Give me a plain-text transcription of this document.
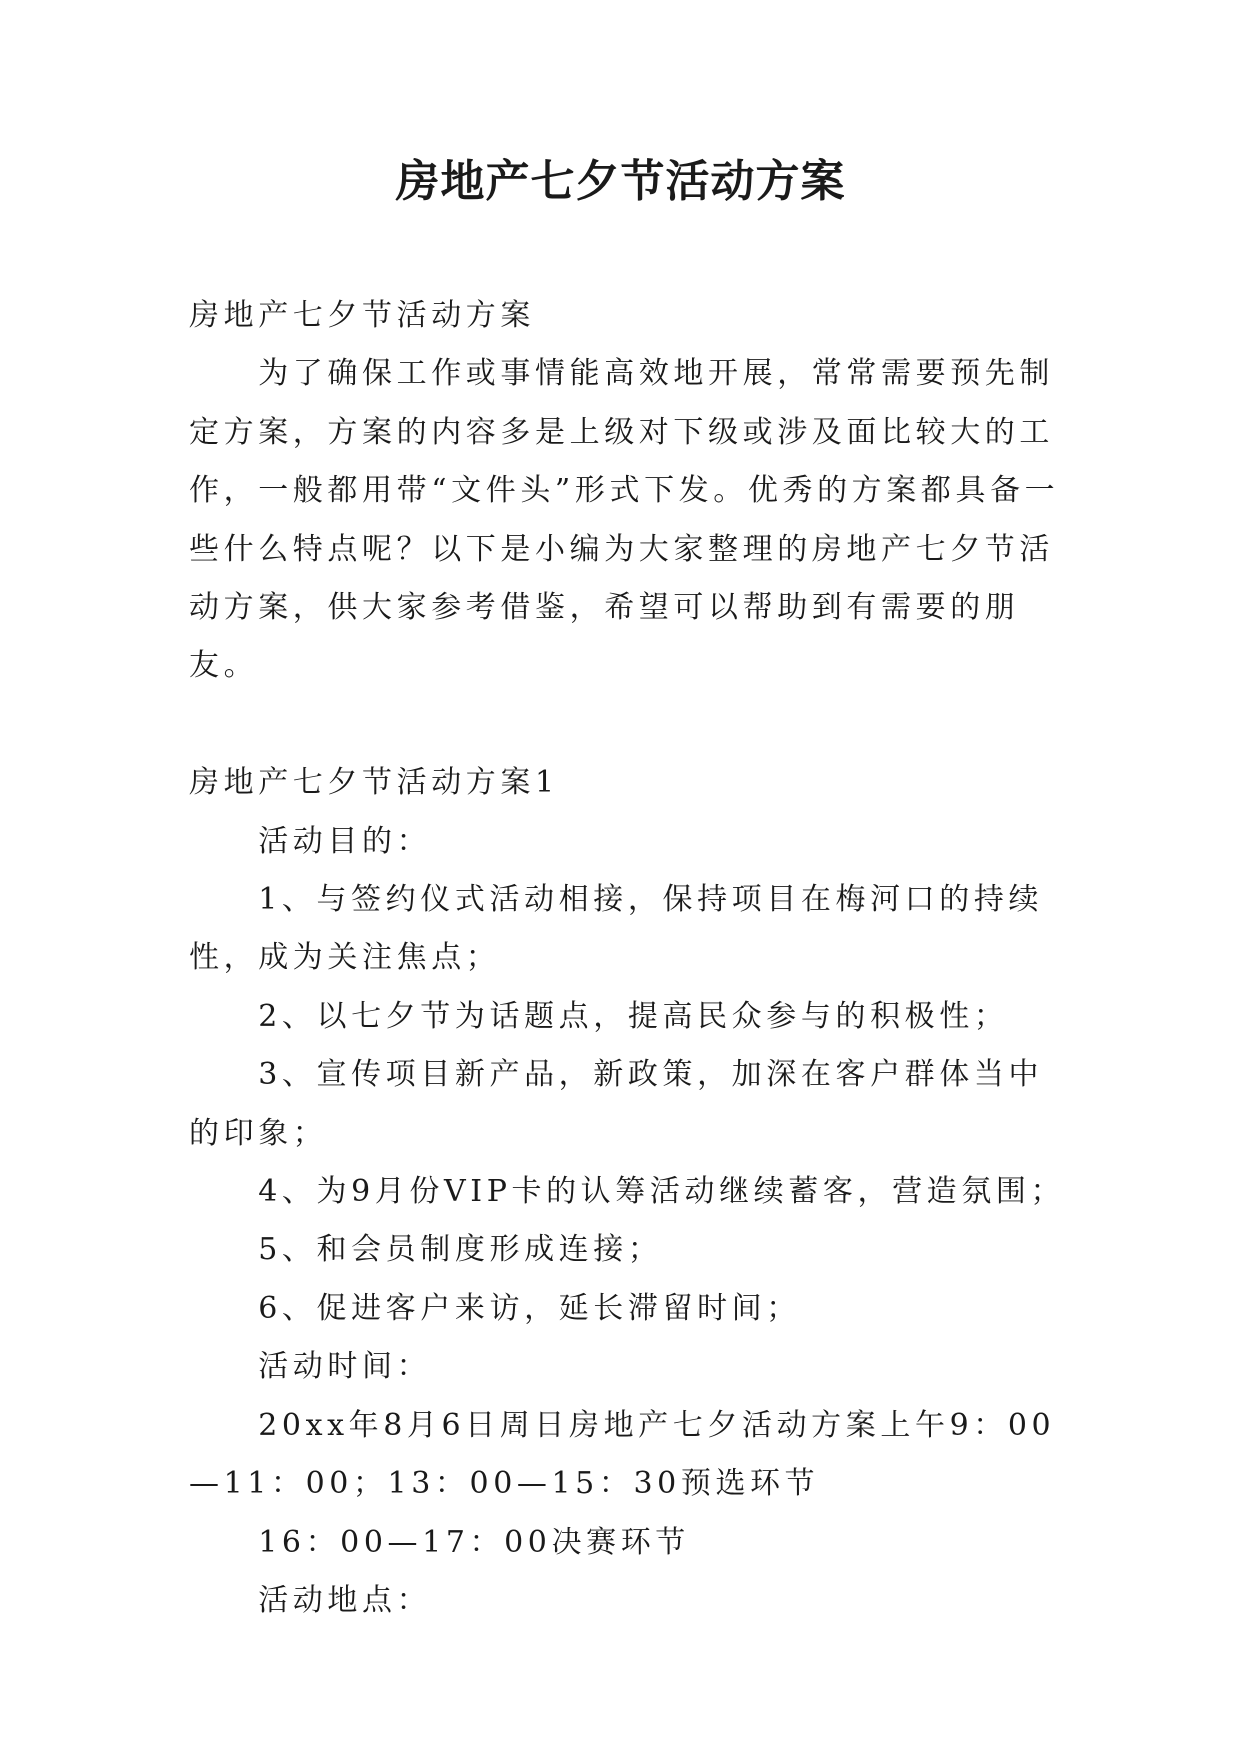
房地产七夕节活动方案

房地产七夕节活动方案

　　为了确保工作或事情能高效地开展，常常需要预先制定方案，方案的内容多是上级对下级或涉及面比较大的工作，一般都用带“文件头”形式下发。优秀的方案都具备一些什么特点呢？以下是小编为大家整理的房地产七夕节活动方案，供大家参考借鉴，希望可以帮助到有需要的朋友。

房地产七夕节活动方案1

　　活动目的：

　　1、与签约仪式活动相接，保持项目在梅河口的持续性，成为关注焦点；

　　2、以七夕节为话题点，提高民众参与的积极性；

　　3、宣传项目新产品，新政策，加深在客户群体当中的印象；

　　4、为9月份VIP卡的认筹活动继续蓄客，营造氛围；

　　5、和会员制度形成连接；

　　6、促进客户来访，延长滞留时间；

　　活动时间：

　　20xx年8月6日周日房地产七夕活动方案上午9：00—11：00；13：00—15：30预选环节

　　16：00—17：00决赛环节

　　活动地点：
